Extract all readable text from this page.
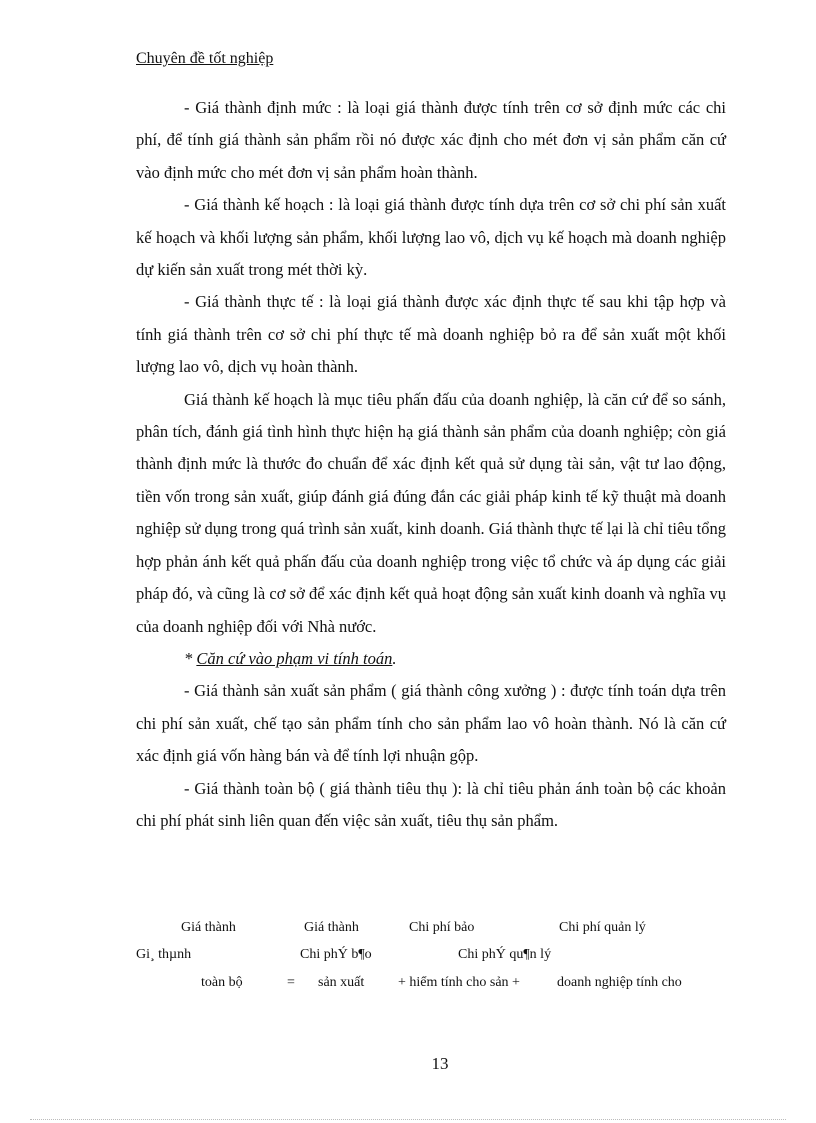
Chuyên đề tốt nghiệp

- Giá thành định mức : là loại giá thành được tính trên cơ sở định mức các chi phí, để tính giá thành sản phẩm rồi nó được xác định cho mét đơn vị sản phẩm căn cứ vào định mức cho mét đơn vị sản phẩm hoàn thành.

- Giá thành kế hoạch : là loại giá thành được tính dựa trên cơ sở chi phí sản xuất kế hoạch và khối lượng sản phẩm, khối lượng lao vô, dịch vụ kế hoạch mà doanh nghiệp dự kiến sản xuất trong mét thời kỳ.

- Giá thành thực tế : là loại giá thành được xác định thực tế sau khi tập hợp và tính giá thành trên cơ sở chi phí thực tế mà doanh nghiệp bỏ ra để sản xuất một khối lượng lao vô, dịch vụ hoàn thành.

Giá thành kế hoạch là mục tiêu phấn đấu của doanh nghiệp, là căn cứ để so sánh, phân tích, đánh giá tình hình thực hiện hạ giá thành sản phẩm của doanh nghiệp; còn giá thành định mức là thước đo chuẩn để xác định kết quả sử dụng tài sản, vật tư lao động, tiền vốn trong sản xuất, giúp đánh giá đúng đắn các giải pháp kinh tế kỹ thuật mà doanh nghiệp sử dụng trong quá trình sản xuất, kinh doanh. Giá thành thực tế lại là chỉ tiêu tổng hợp phản ánh kết quả phấn đấu của doanh nghiệp trong việc tổ chức và áp dụng các giải pháp đó, và cũng là cơ sở để xác định kết quả hoạt động sản xuất kinh doanh và nghĩa vụ của doanh nghiệp đối với Nhà nước.

* Căn cứ vào phạm vi tính toán.

- Giá thành sản xuất sản phẩm ( giá thành công xưởng ) : được tính toán dựa trên chi phí sản xuất, chế tạo sản phẩm tính cho sản phẩm lao vô hoàn thành. Nó là căn cứ xác định giá vốn hàng bán và để tính lợi nhuận gộp.

- Giá thành toàn bộ ( giá thành tiêu thụ ): là chỉ tiêu phản ánh toàn bộ các khoản chi phí phát sinh liên quan đến việc sản xuất, tiêu thụ sản phẩm.

Giá thành	Giá thành	Chi phí bảo	Chi phí quản lý
Gi¸ thµnh	Chi phÝ b¶o	Chi phÝ qu¶n lý
toàn bộ	= sản xuất + hiểm tính cho sản +	doanh nghiệp tính cho
13
